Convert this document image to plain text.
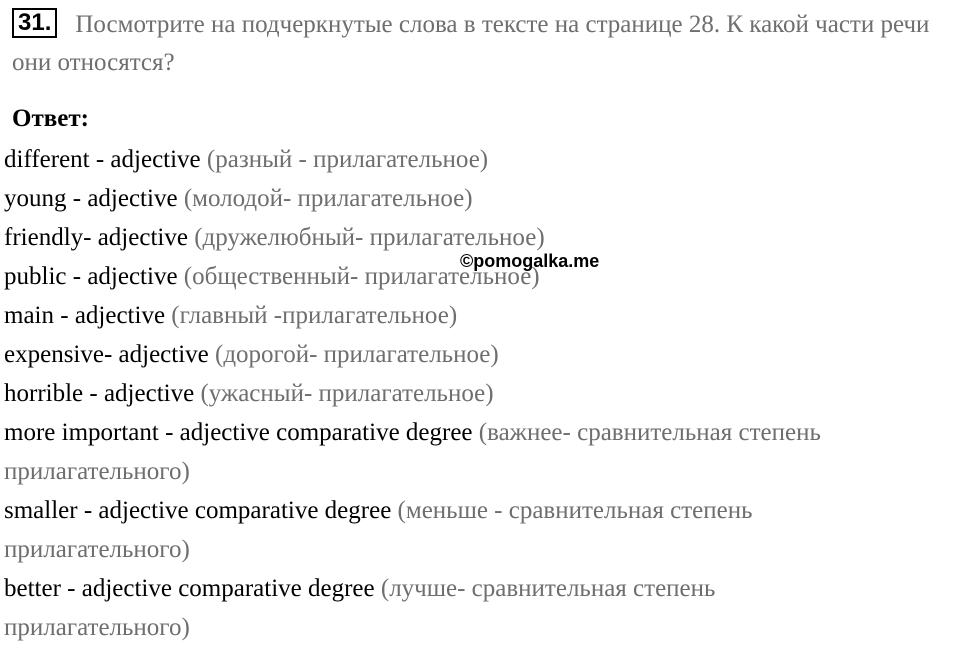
31. Посмотрите на подчеркнутые слова в тексте на странице 28. К какой части речи они относятся?
Ответ:
different - adjective (разный - прилагательное)
young - adjective (молодой- прилагательное)
friendly- adjective (дружелюбный- прилагательное)
public - adjective (общественный- прилагательное)
main - adjective (главный -прилагательное)
expensive- adjective (дорогой- прилагательное)
horrible - adjective (ужасный- прилагательное)
more important - adjective comparative degree (важнее- сравнительная степень
прилагательного)
smaller - adjective comparative degree (меньше - сравнительная степень
прилагательного)
better - adjective comparative degree (лучше- сравнительная степень
прилагательного)
©pomogalka.me
